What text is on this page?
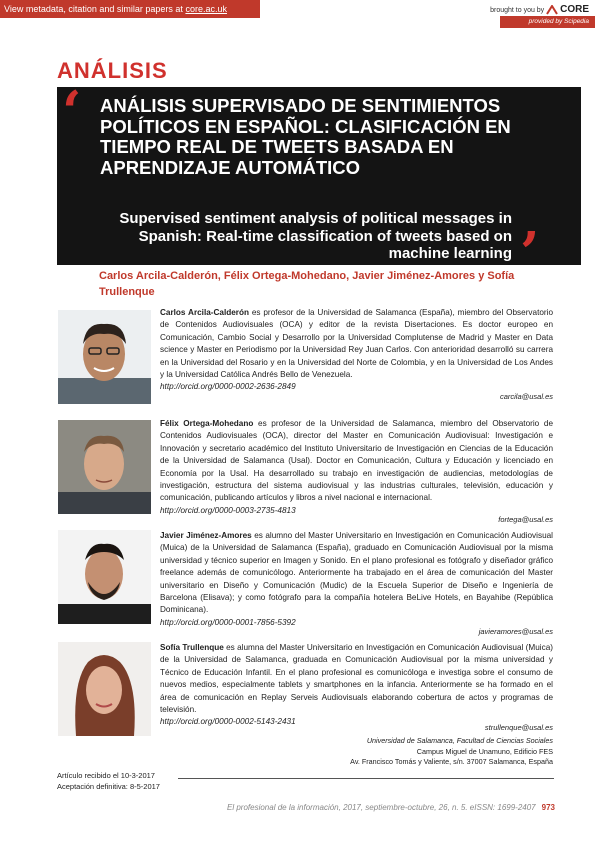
View metadata, citation and similar papers at core.ac.uk	brought to you by CORE
provided by Scipedia
ANÁLISIS
‘ ANÁLISIS SUPERVISADO DE SENTIMIENTOS POLÍTICOS EN ESPAÑOL: CLASIFICACIÓN EN TIEMPO REAL DE TWEETS BASADA EN APRENDIZAJE AUTOMÁTICO
Supervised sentiment analysis of political messages in Spanish: Real-time classification of tweets based on machine learning ’
Carlos Arcila-Calderón, Félix Ortega-Mohedano, Javier Jiménez-Amores y Sofía Trullenque
Carlos Arcila-Calderón es profesor de la Universidad de Salamanca (España), miembro del Observatorio de Contenidos Audiovisuales (OCA) y editor de la revista Disertaciones. Es doctor europeo en Comunicación, Cambio Social y Desarrollo por la Universidad Complutense de Madrid y Master en Data science y Master en Periodismo por la Universidad Rey Juan Carlos. Con anterioridad desarrolló su carrera en la Universidad del Rosario y en la Universidad del Norte de Colombia, y en la Universidad de Los Andes y la Universidad Católica Andrés Bello de Venezuela.
http://orcid.org/0000-0002-2636-2849
carcila@usal.es
Félix Ortega-Mohedano es profesor de la Universidad de Salamanca, miembro del Observatorio de Contenidos Audiovisuales (OCA), director del Master en Comunicación Audiovisual: Investigación e Innovación y secretario académico del Instituto Universitario de Investigación en Ciencias de la Educación de la Universidad de Salamanca (Usal). Doctor en Comunicación, Cultura y Educación y licenciado en Economía por la Usal. Ha desarrollado su trabajo en investigación de audiencias, metodologías de investigación, estructura del sistema audiovisual y las industrias culturales, televisión, educación y comunicación, publicando artículos y libros a nivel nacional e internacional.
http://orcid.org/0000-0003-2735-4813
fortega@usal.es
Javier Jiménez-Amores es alumno del Master Universitario en Investigación en Comunicación Audiovisual (Muica) de la Universidad de Salamanca (España), graduado en Comunicación Audiovisual por la misma universidad y técnico superior en Imagen y Sonido. En el plano profesional es fotógrafo y diseñador gráfico freelance además de comunicólogo. Anteriormente ha trabajado en el área de comunicación del Master universitario en Diseño y Comunicación (Mudic) de la Escuela Superior de Diseño e Ingeniería de Barcelona (Elisava); y como fotógrafo para la compañía hotelera BeLive Hotels, en Bayahibe (República Dominicana).
http://orcid.org/0000-0001-7856-5392
javieramores@usal.es
Sofía Trullenque es alumna del Master Universitario en Investigación en Comunicación Audiovisual (Muica) de la Universidad de Salamanca, graduada en Comunicación Audiovisual por la misma universidad y Técnico de Educación Infantil. En el plano profesional es comunicóloga e investiga sobre el consumo de nuevos medios, especialmente tablets y smartphones en la infancia. Anteriormente se ha formado en el área de comunicación en Replay Serveis Audiovisuals elaborando cobertura de actos y programas de televisión.
http://orcid.org/0000-0002-5143-2431
strullenque@usal.es
Universidad de Salamanca, Facultad de Ciencias Sociales
Campus Miguel de Unamuno, Edificio FES
Av. Francisco Tomás y Valiente, s/n. 37007 Salamanca, España
Artículo recibido el 10-3-2017
Aceptación definitiva: 8-5-2017
El profesional de la información, 2017, septiembre-octubre, 26, n. 5. eISSN: 1699-2407 973
